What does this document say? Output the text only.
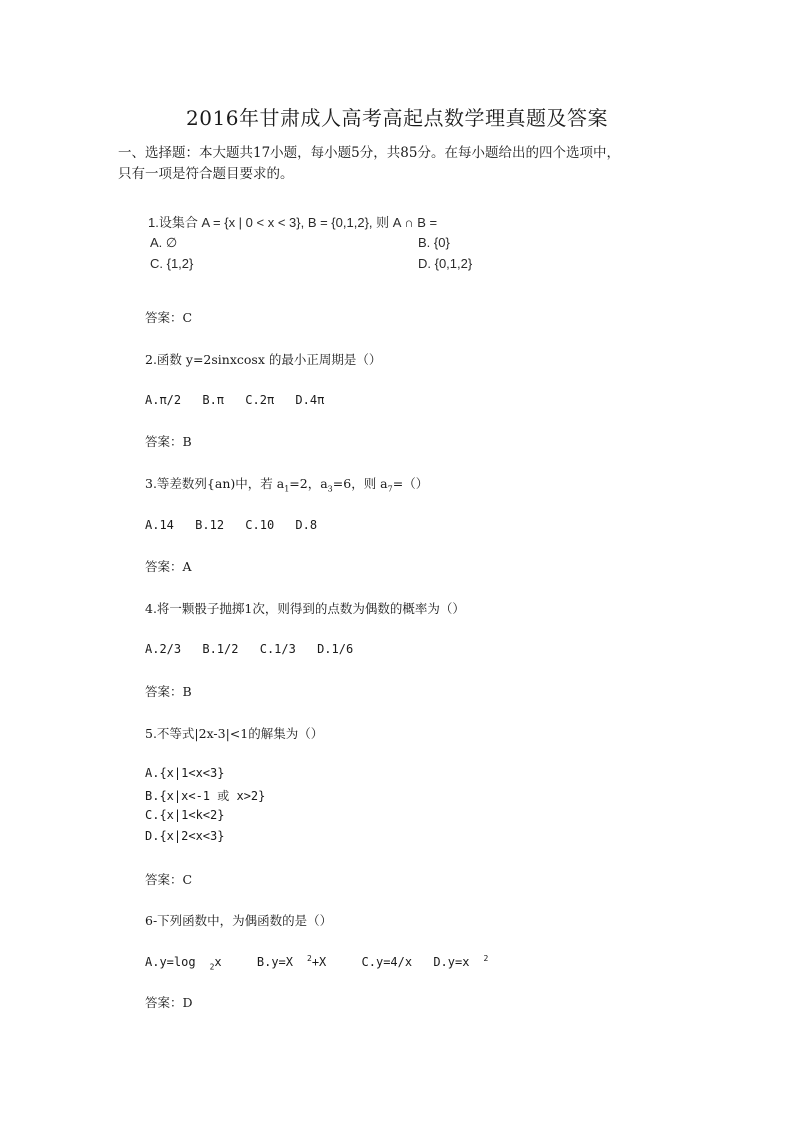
2016年甘肃成人高考高起点数学理真题及答案
一、选择题：本大题共17小题，每小题5分，共85分。在每小题给出的四个选项中，
只有一项是符合题目要求的。
1.设集合 A = {x | 0 < x < 3}, B = {0,1,2}, 则 A ∩ B =
A. ∅	B. {0}
C. {1,2}	D. {0,1,2}
答案：C
2.函数 y=2sinxcosx 的最小正周期是（）
A.π/2 B.π C.2π D.4π
答案：B
3.等差数列{an)中，若 $a_1=2$，$a_3=6$，则 $a_7=()$
A.14 B.12 C.10 D.8
答案：A
4.将一颗骰子抛掷1次，则得到的点数为偶数的概率为（）
A.2/3 B.1/2 C.1/3 D.1/6
答案：B
5.不等式|2x-3|<1的解集为（）
A.{x|1<x<3}
B.{x|x<-1 或 x>2}
C.{x|1<k<2}
D.{x|2<x<3}
答案：C
6-下列函数中，为偶函数的是（）
A.y=log $_2$x	B.y=X $^2$+X	C.y=4/x D.y=x $^2$
答案：D
